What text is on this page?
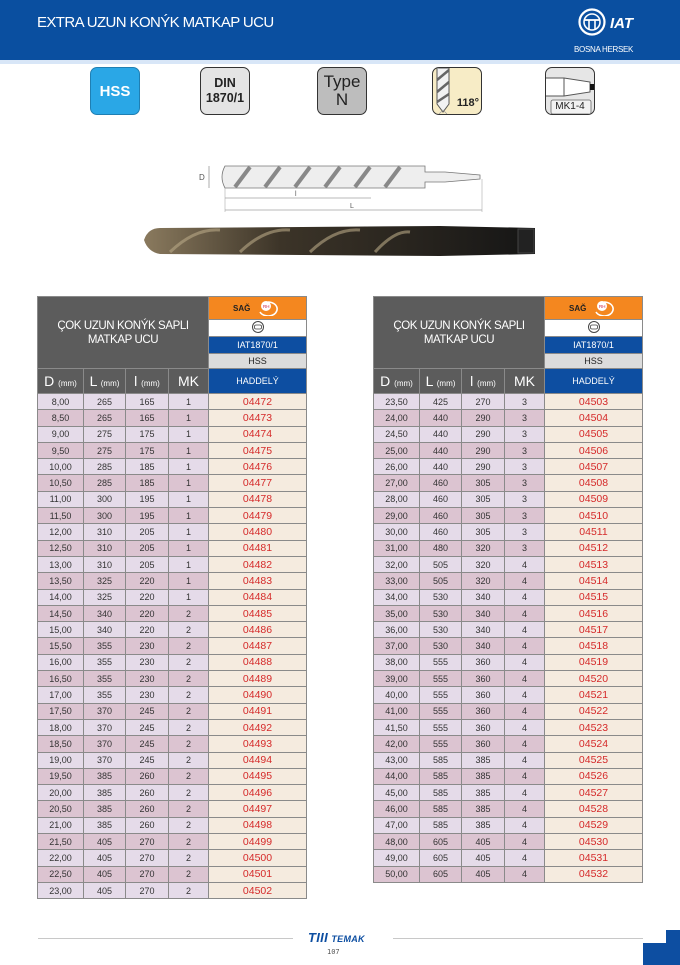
EXTRA UZUN KONÝK MATKAP UCU	IAT
BOSNA HERSEK
HSS	DIN
1870/1
Type
N	118°	MK1-4
D
l
L
ÇOK UZUN KONÝK SAPLI MATKAP UCU				SAĞ RH

				IAT1870/1
				HSS
D (mm)	L (mm)	l (mm)	MK	HADDELÝ
8,00	265	165	1	04472
8,50	265	165	1	04473
9,00	275	175	1	04474
9,50	275	175	1	04475
10,00	285	185	1	04476
10,50	285	185	1	04477
11,00	300	195	1	04478
11,50	300	195	1	04479
12,00	310	205	1	04480
12,50	310	205	1	04481
13,00	310	205	1	04482
13,50	325	220	1	04483
14,00	325	220	1	04484
14,50	340	220	2	04485
15,00	340	220	2	04486
15,50	355	230	2	04487
16,00	355	230	2	04488
16,50	355	230	2	04489
17,00	355	230	2	04490
17,50	370	245	2	04491
18,00	370	245	2	04492
18,50	370	245	2	04493
19,00	370	245	2	04494
19,50	385	260	2	04495
20,00	385	260	2	04496
20,50	385	260	2	04497
21,00	385	260	2	04498
21,50	405	270	2	04499
22,00	405	270	2	04500
22,50	405	270	2	04501
23,00	405	270	2	04502
ÇOK UZUN KONÝK SAPLI MATKAP UCU				SAĞ RH

				IAT1870/1
				HSS
D (mm)	L (mm)	l (mm)	MK	HADDELÝ
23,50	425	270	3	04503
24,00	440	290	3	04504
24,50	440	290	3	04505
25,00	440	290	3	04506
26,00	440	290	3	04507
27,00	460	305	3	04508
28,00	460	305	3	04509
29,00	460	305	3	04510
30,00	460	305	3	04511
31,00	480	320	3	04512
32,00	505	320	4	04513
33,00	505	320	4	04514
34,00	530	340	4	04515
35,00	530	340	4	04516
36,00	530	340	4	04517
37,00	530	340	4	04518
38,00	555	360	4	04519
39,00	555	360	4	04520
40,00	555	360	4	04521
41,00	555	360	4	04522
41,50	555	360	4	04523
42,00	555	360	4	04524
43,00	585	385	4	04525
44,00	585	385	4	04526
45,00	585	385	4	04527
46,00	585	385	4	04528
47,00	585	385	4	04529
48,00	605	405	4	04530
49,00	605	405	4	04531
50,00	605	405	4	04532
TIII TEMAK
107
